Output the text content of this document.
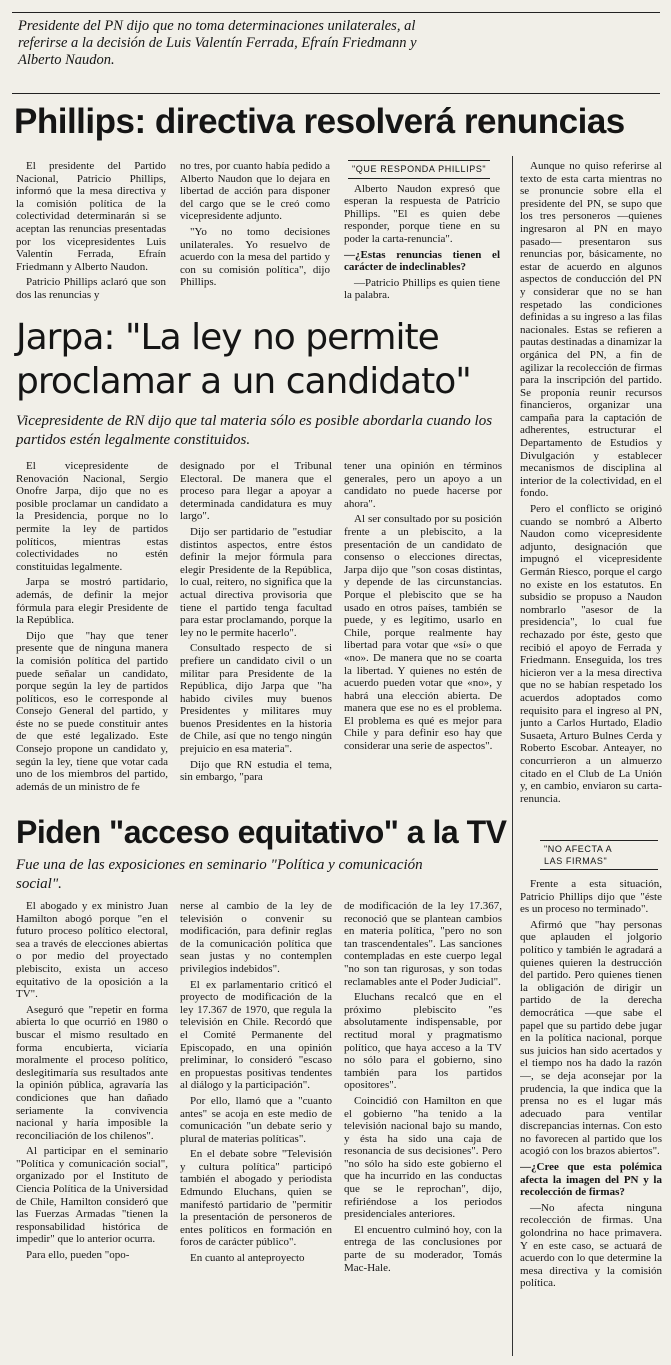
Presidente del PN dijo que no toma determinaciones unilaterales, al referirse a la decisión de Luis Valentín Ferrada, Efraín Friedmann y Alberto Naudon.

Phillips: directiva resolverá renuncias

El presidente del Partido Nacional, Patricio Phillips, informó que la mesa directiva y la comisión política de la colectividad determinarán si se aceptan las renuncias presentadas por los vicepresidentes Luis Valentín Ferrada, Efraín Friedmann y Alberto Naudon.

Patricio Phillips aclaró que son dos las renuncias y

no tres, por cuanto había pedido a Alberto Naudon que lo dejara en libertad de acción para disponer del cargo que se le creó como vicepresidente adjunto.

"Yo no tomo decisiones unilaterales. Yo resuelvo de acuerdo con la mesa del partido y con su comisión política", dijo Phillips.

"QUE RESPONDA PHILLIPS"

Alberto Naudon expresó que esperan la respuesta de Patricio Phillips. "El es quien debe responder, porque tiene en su poder la carta-renuncia".

—¿Estas renuncias tienen el carácter de indeclinables?

—Patricio Phillips es quien tiene la palabra.

Aunque no quiso referirse al texto de esta carta mientras no se pronuncie sobre ella el presidente del PN, se supo que los tres personeros —quienes ingresaron al PN en mayo pasado— presentaron sus renuncias por, básicamente, no estar de acuerdo en algunos aspectos de conducción del PN y considerar que no se han respetado las condiciones definidas a su ingreso a las filas nacionales. Estas se refieren a pautas destinadas a dinamizar la orgánica del PN, a fin de agilizar la recolección de firmas para la inscripción del partido. Se proponía reunir recursos financieros, organizar una campaña para la captación de adherentes, estructurar el Departamento de Estudios y Divulgación y establecer mecanismos de disciplina al interior de la colectividad, en el fondo.

Pero el conflicto se originó cuando se nombró a Alberto Naudon como vicepresidente adjunto, designación que impugnó el vicepresidente Germán Riesco, porque el cargo no existe en los estatutos. En subsidio se propuso a Naudon nombrarlo "asesor de la presidencia", lo cual fue rechazado por éste, gesto que recibió el apoyo de Ferrada y Friedmann. Enseguida, los tres hicieron ver a la mesa directiva que no se habían respetado los acuerdos adoptados como requisito para el ingreso al PN, junto a Carlos Hurtado, Eladio Susaeta, Arturo Bulnes Cerda y Roberto Escobar. Anteayer, no concurrieron a un almuerzo citado en el Club de La Unión y, en cambio, enviaron su carta-renuncia.

"NO AFECTA A
LAS FIRMAS"

Frente a esta situación, Patricio Phillips dijo que "éste es un proceso no terminado".

Afirmó que "hay personas que aplauden el jolgorio político y también le agradará a quienes quieren la destrucción del partido. Pero quienes tienen la obligación de dirigir un partido de la derecha democrática —que sabe el papel que su partido debe jugar en la política nacional, porque sus juicios han sido acertados y el tiempo nos ha dado la razón—, se deja aconsejar por la prudencia, la que indica que la prensa no es el lugar más adecuado para ventilar discrepancias internas. Con esto no favorecen al partido que los acogió con los brazos abiertos".

—¿Cree que esta polémica afecta la imagen del PN y la recolección de firmas?

—No afecta ninguna recolección de firmas. Una golondrina no hace primavera. Y en este caso, se actuará de acuerdo con lo que determine la mesa directiva y la comisión política.

Jarpa: "La ley no permite
proclamar a un candidato"

Vicepresidente de RN dijo que tal materia sólo es posible abordarla cuando los partidos estén legalmente constituidos.

El vicepresidente de Renovación Nacional, Sergio Onofre Jarpa, dijo que no es posible proclamar un candidato a la Presidencia, porque no lo permite la ley de partidos políticos, mientras estas colectividades no estén constituidas legalmente.

Jarpa se mostró partidario, además, de definir la mejor fórmula para elegir Presidente de la República.

Dijo que "hay que tener presente que de ninguna manera la comisión política del partido puede señalar un candidato, porque según la ley de partidos políticos, eso le corresponde al Consejo General del partido, y éste no se puede constituir antes de que esté legalizado. Este Consejo propone un candidato y, según la ley, tiene que votar cada uno de los miembros del partido, además de un ministro de fe

designado por el Tribunal Electoral. De manera que el proceso para llegar a apoyar a determinada candidatura es muy largo".

Dijo ser partidario de "estudiar distintos aspectos, entre éstos definir la mejor fórmula para elegir Presidente de la República, lo cual, reitero, no significa que la actual directiva provisoria que tiene el partido tenga facultad para estar proclamando, porque la ley no le permite hacerlo".

Consultado respecto de si prefiere un candidato civil o un militar para Presidente de la República, dijo Jarpa que "ha habido civiles muy buenos Presidentes y militares muy buenos Presidentes en la historia de Chile, así que no tengo ningún prejuicio en esa materia".

Dijo que RN estudia el tema, sin embargo, "para

tener una opinión en términos generales, pero un apoyo a un candidato no puede hacerse por ahora".

Al ser consultado por su posición frente a un plebiscito, a la presentación de un candidato de consenso o elecciones directas, Jarpa dijo que "son cosas distintas, y depende de las circunstancias. Porque el plebiscito que se ha usado en otros países, también se puede, y es legítimo, usarlo en Chile, porque realmente hay libertad para votar que «sí» o que «no». De manera que no se coarta la libertad. Y quienes no estén de acuerdo pueden votar que «no», y habrá una elección abierta. De manera que ese no es el problema. El problema es qué es mejor para Chile y para definir eso hay que considerar una serie de aspectos".

Piden "acceso equitativo" a la TV

Fue una de las exposiciones en seminario "Política y comunicación social".

El abogado y ex ministro Juan Hamilton abogó porque "en el futuro proceso político electoral, sea a través de elecciones abiertas o por medio del proyectado plebiscito, exista un acceso equitativo de la oposición a la TV".

Aseguró que "repetir en forma abierta lo que ocurrió en 1980 o buscar el mismo resultado en forma encubierta, viciaría moralmente el proceso político, deslegitimaría sus resultados ante la opinión pública, agravaría las condiciones que han dañado seriamente la convivencia nacional y haría imposible la reconciliación de los chilenos".

Al participar en el seminario "Política y comunicación social", organizado por el Instituto de Ciencia Política de la Universidad de Chile, Hamilton consideró que las Fuerzas Armadas "tienen la responsabilidad histórica de impedir" que lo anterior ocurra.

Para ello, pueden "opo-

nerse al cambio de la ley de televisión o convenir su modificación, para definir reglas de la comunicación política que sean justas y no contemplen privilegios indebidos".

El ex parlamentario criticó el proyecto de modificación de la ley 17.367 de 1970, que regula la televisión en Chile. Recordó que el Comité Permanente del Episcopado, en una opinión preliminar, lo consideró "escaso en propuestas positivas tendentes al diálogo y la participación".

Por ello, llamó que a "cuanto antes" se acoja en este medio de comunicación "un debate serio y plural de materias políticas".

En el debate sobre "Televisión y cultura política" participó también el abogado y periodista Edmundo Eluchans, quien se manifestó partidario de "permitir la presentación de personeros de entes políticos en formación en foros de carácter público".

En cuanto al anteproyecto

de modificación de la ley 17.367, reconoció que se plantean cambios en materia política, "pero no son tan trascendentales". Las sanciones contempladas en este cuerpo legal "no son tan rigurosas, y son todas reclamables ante el Poder Judicial".

Eluchans recalcó que en el próximo plebiscito "es absolutamente indispensable, por rectitud moral y pragmatismo político, que haya acceso a la TV no sólo para el gobierno, sino también para los partidos opositores".

Coincidió con Hamilton en que el gobierno "ha tenido a la televisión nacional bajo su mando, y ésta ha sido una caja de resonancia de sus decisiones". Pero "no sólo ha sido este gobierno el que ha incurrido en las conductas que se le reprochan", dijo, refiriéndose a los periodos presidenciales anteriores.

El encuentro culminó hoy, con la entrega de las conclusiones por parte de su moderador, Tomás Mac-Hale.
